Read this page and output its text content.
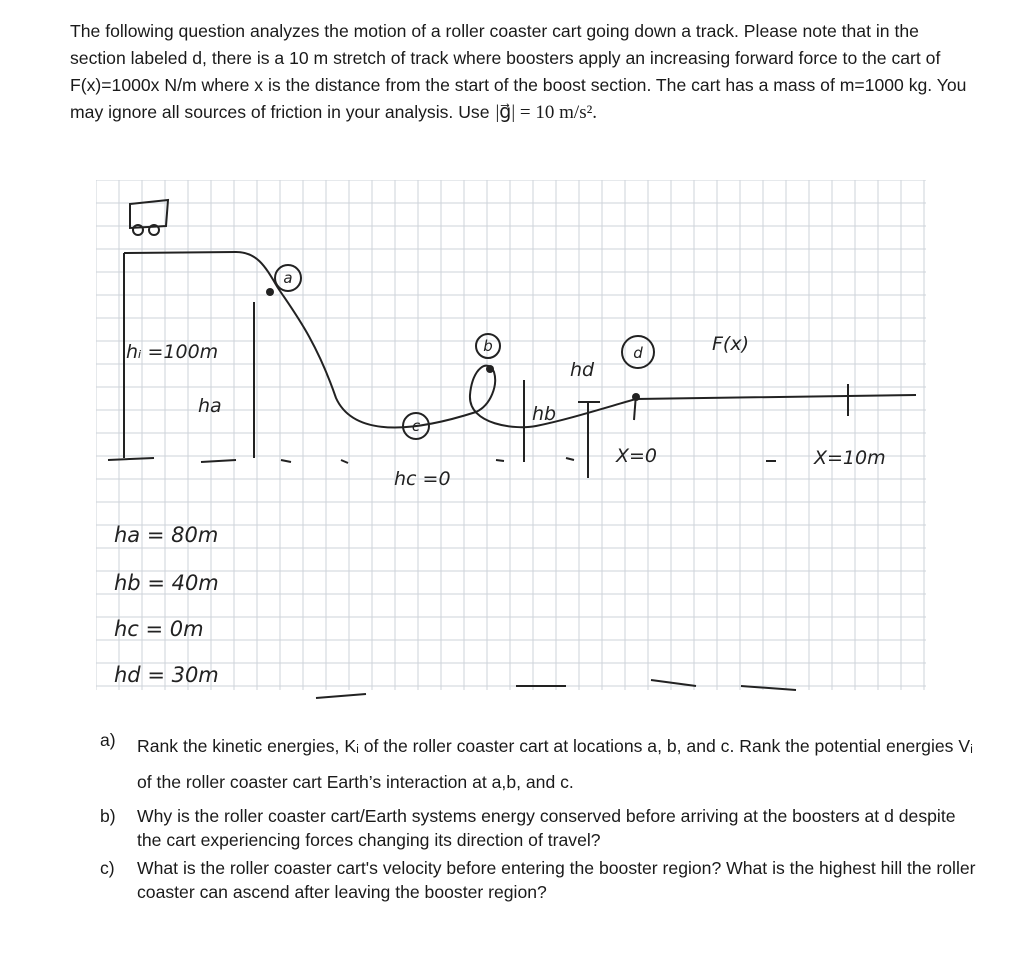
The following question analyzes the motion of a roller coaster cart going down a track. Please note that in the section labeled d, there is a 10 m stretch of track where boosters apply an increasing forward force to the cart of F(x)=1000x N/m where x is the distance from the start of the boost section. The cart has a mass of m=1000 kg. You may ignore all sources of friction in your analysis. Use |g⃗| = 10 m/s².

a
b
c
d
hᵢ =100m
ha	hb
hd
hc =0
X=0	X=10m
F(x)
ha = 80m
hb = 40m
hc = 0m
hd = 30m
a)	Rank the kinetic energies, Kᵢ of the roller coaster cart at locations a, b, and c. Rank the potential energies Vᵢ of the roller coaster cart Earth’s interaction at a,b, and c.
b)	Why is the roller coaster cart/Earth systems energy conserved before arriving at the boosters at d despite the cart experiencing forces changing its direction of travel?
c)	What is the roller coaster cart's velocity before entering the booster region? What is the highest hill the roller coaster can ascend after leaving the booster region?
